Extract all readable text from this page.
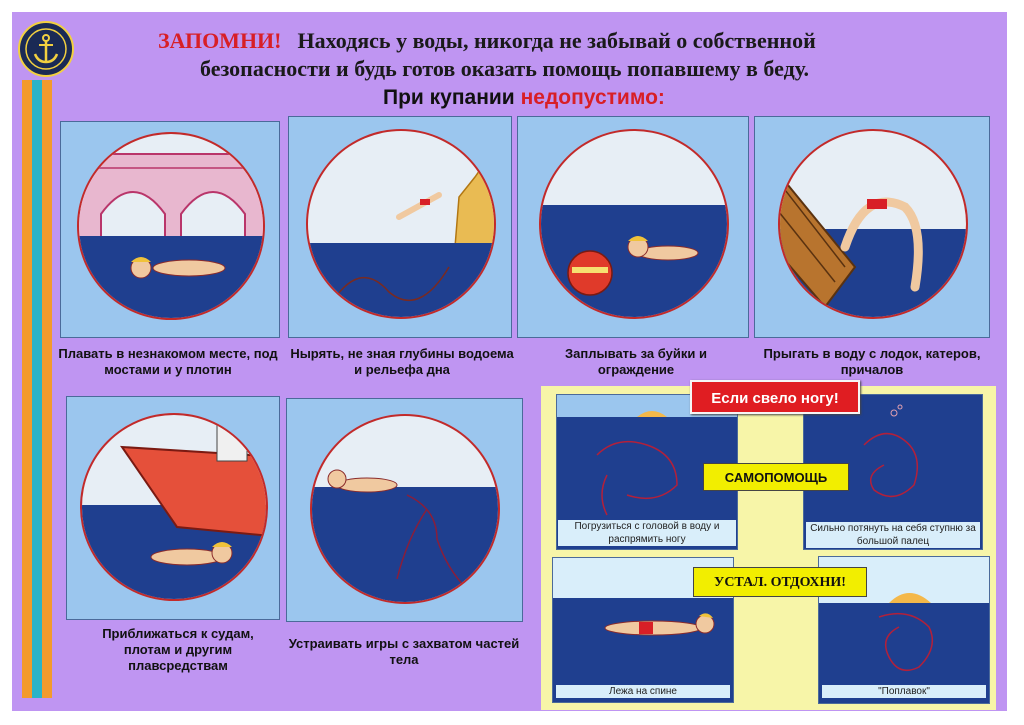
ЗАПОМНИ! Находясь у воды, никогда не забывай о собственной
безопасности и будь готов оказать помощь попавшему в беду.
При купании недопустимо:
Плавать в незнакомом месте, под мостами и у плотин
Нырять, не зная глубины водоема и рельефа дна
Заплывать за буйки и ограждение
Прыгать в воду с лодок, катеров, причалов
Приближаться к судам, плотам и другим плавсредствам
Устраивать игры с захватом частей тела
Погрузиться с головой в воду и распрямить ногу
Сильно потянуть на себя ступню за большой палец
Лежа на спине	"Поплавок"
Если свело ногу!
САМОПОМОЩЬ
УСТАЛ. ОТДОХНИ!
